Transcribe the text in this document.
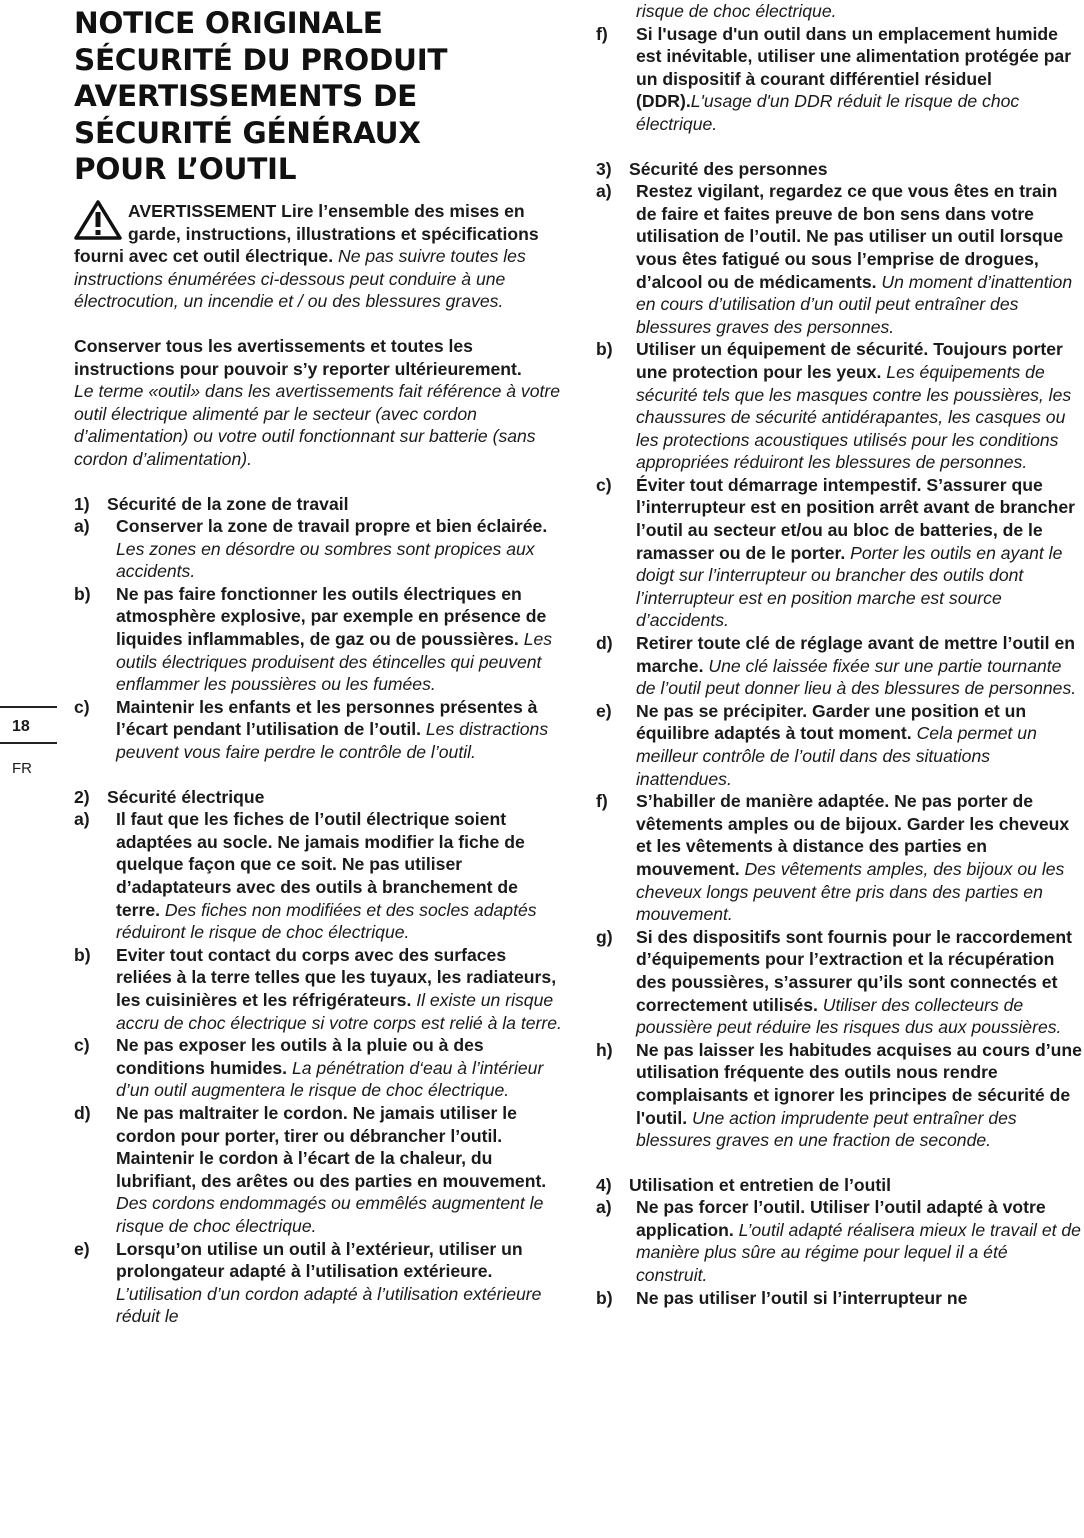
18
FR
NOTICE ORIGINALE
SÉCURITÉ DU PRODUIT
AVERTISSEMENTS DE
SÉCURITÉ GÉNÉRAUX
POUR L’OUTIL

AVERTISSEMENT Lire l’ensemble des mises en garde, instructions, illustrations et spécifications fourni avec cet outil électrique. Ne pas suivre toutes les instructions énumérées ci-dessous peut conduire à une électrocution, un incendie et / ou des blessures graves.

Conserver tous les avertissements et toutes les instructions pour pouvoir s’y reporter ultérieurement.

Le terme «outil» dans les avertissements fait référence à votre outil électrique alimenté par le secteur (avec cordon d’alimentation) ou votre outil fonctionnant sur batterie (sans cordon d’alimentation).

1) Sécurité de la zone de travail
a) Conserver la zone de travail propre et bien éclairée. Les zones en désordre ou sombres sont propices aux accidents.
b) Ne pas faire fonctionner les outils électriques en atmosphère explosive, par exemple en présence de liquides inflammables, de gaz ou de poussières. Les outils électriques produisent des étincelles qui peuvent enflammer les poussières ou les fumées.
c) Maintenir les enfants et les personnes présentes à l’écart pendant l’utilisation de l’outil. Les distractions peuvent vous faire perdre le contrôle de l’outil.
2) Sécurité électrique
a) Il faut que les fiches de l’outil électrique soient adaptées au socle. Ne jamais modifier la fiche de quelque façon que ce soit. Ne pas utiliser d’adaptateurs avec des outils à branchement de terre. Des fiches non modifiées et des socles adaptés réduiront le risque de choc électrique.
b) Eviter tout contact du corps avec des surfaces reliées à la terre telles que les tuyaux, les radiateurs, les cuisinières et les réfrigérateurs. Il existe un risque accru de choc électrique si votre corps est relié à la terre.
c) Ne pas exposer les outils à la pluie ou à des conditions humides. La pénétration d‘eau à l’intérieur d’un outil augmentera le risque de choc électrique.
d) Ne pas maltraiter le cordon. Ne jamais utiliser le cordon pour porter, tirer ou débrancher l’outil. Maintenir le cordon à l’écart de la chaleur, du lubrifiant, des arêtes ou des parties en mouvement. Des cordons endommagés ou emmêlés augmentent le risque de choc électrique.
e) Lorsqu’on utilise un outil à l’extérieur, utiliser un prolongateur adapté à l’utilisation extérieure. L’utilisation d’un cordon adapté à l’utilisation extérieure réduit le

risque de choc électrique.

f) Si l'usage d'un outil dans un emplacement humide est inévitable, utiliser une alimentation protégée par un dispositif à courant différentiel résiduel (DDR).L'usage d'un DDR réduit le risque de choc électrique.
3) Sécurité des personnes
a) Restez vigilant, regardez ce que vous êtes en train de faire et faites preuve de bon sens dans votre utilisation de l’outil. Ne pas utiliser un outil lorsque vous êtes fatigué ou sous l’emprise de drogues, d’alcool ou de médicaments. Un moment d’inattention en cours d’utilisation d’un outil peut entraîner des blessures graves des personnes.
b) Utiliser un équipement de sécurité. Toujours porter une protection pour les yeux. Les équipements de sécurité tels que les masques contre les poussières, les chaussures de sécurité antidérapantes, les casques ou les protections acoustiques utilisés pour les conditions appropriées réduiront les blessures de personnes.
c) Éviter tout démarrage intempestif. S’assurer que l’interrupteur est en position arrêt avant de brancher l’outil au secteur et/ou au bloc de batteries, de le ramasser ou de le porter. Porter les outils en ayant le doigt sur l’interrupteur ou brancher des outils dont l’interrupteur est en position marche est source d’accidents.
d) Retirer toute clé de réglage avant de mettre l’outil en marche. Une clé laissée fixée sur une partie tournante de l’outil peut donner lieu à des blessures de personnes.
e) Ne pas se précipiter. Garder une position et un équilibre adaptés à tout moment. Cela permet un meilleur contrôle de l’outil dans des situations inattendues.
f) S’habiller de manière adaptée. Ne pas porter de vêtements amples ou de bijoux. Garder les cheveux et les vêtements à distance des parties en mouvement. Des vêtements amples, des bijoux ou les cheveux longs peuvent être pris dans des parties en mouvement.
g) Si des dispositifs sont fournis pour le raccordement d’équipements pour l’extraction et la récupération des poussières, s’assurer qu’ils sont connectés et correctement utilisés. Utiliser des collecteurs de poussière peut réduire les risques dus aux poussières.
h) Ne pas laisser les habitudes acquises au cours d’une utilisation fréquente des outils nous rendre complaisants et ignorer les principes de sécurité de l'outil. Une action imprudente peut entraîner des blessures graves en une fraction de seconde.
4) Utilisation et entretien de l’outil
a) Ne pas forcer l’outil. Utiliser l’outil adapté à votre application. L’outil adapté réalisera mieux le travail et de manière plus sûre au régime pour lequel il a été construit.
b) Ne pas utiliser l’outil si l’interrupteur ne
